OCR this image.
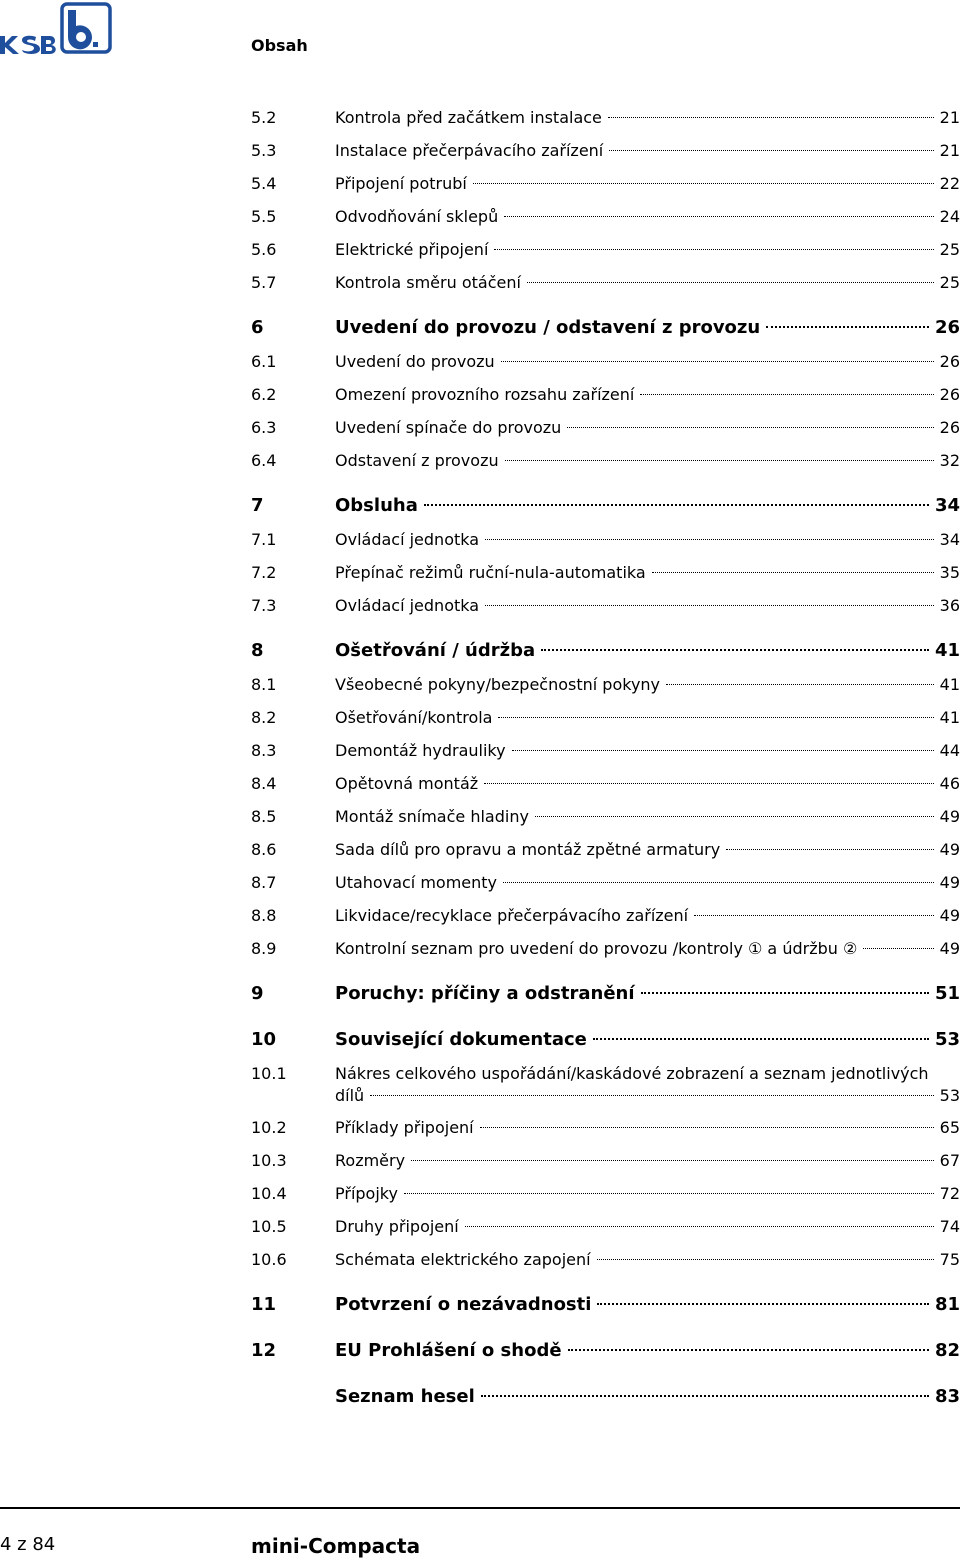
Obsah
5.2	Kontrola před začátkem instalace	21
5.3	Instalace přečerpávacího zařízení	21
5.4	Připojení potrubí	22
5.5	Odvodňování sklepů	24
5.6	Elektrické připojení	25
5.7	Kontrola směru otáčení	25
6	Uvedení do provozu / odstavení z provozu	26
6.1	Uvedení do provozu	26
6.2	Omezení provozního rozsahu zařízení	26
6.3	Uvedení spínače do provozu	26
6.4	Odstavení z provozu	32
7	Obsluha	34
7.1	Ovládací jednotka	34
7.2	Přepínač režimů ruční-nula-automatika	35
7.3	Ovládací jednotka	36
8	Ošetřování / údržba	41
8.1	Všeobecné pokyny/bezpečnostní pokyny	41
8.2	Ošetřování/kontrola	41
8.3	Demontáž hydrauliky	44
8.4	Opětovná montáž	46
8.5	Montáž snímače hladiny	49
8.6	Sada dílů pro opravu a montáž zpětné armatury	49
8.7	Utahovací momenty	49
8.8	Likvidace/recyklace přečerpávacího zařízení	49
8.9	Kontrolní seznam pro uvedení do provozu /kontroly ① a údržbu ②	49
9	Poruchy: příčiny a odstranění	51
10	Související dokumentace	53
10.1	Nákres celkového uspořádání/kaskádové zobrazení a seznam jednotlivých
dílů	53
10.2	Příklady připojení	65
10.3	Rozměry	67
10.4	Přípojky	72
10.5	Druhy připojení	74
10.6	Schémata elektrického zapojení	75
11	Potvrzení o nezávadnosti	81
12	EU Prohlášení o shodě	82
Seznam hesel	83
4 z 84	mini-Compacta
